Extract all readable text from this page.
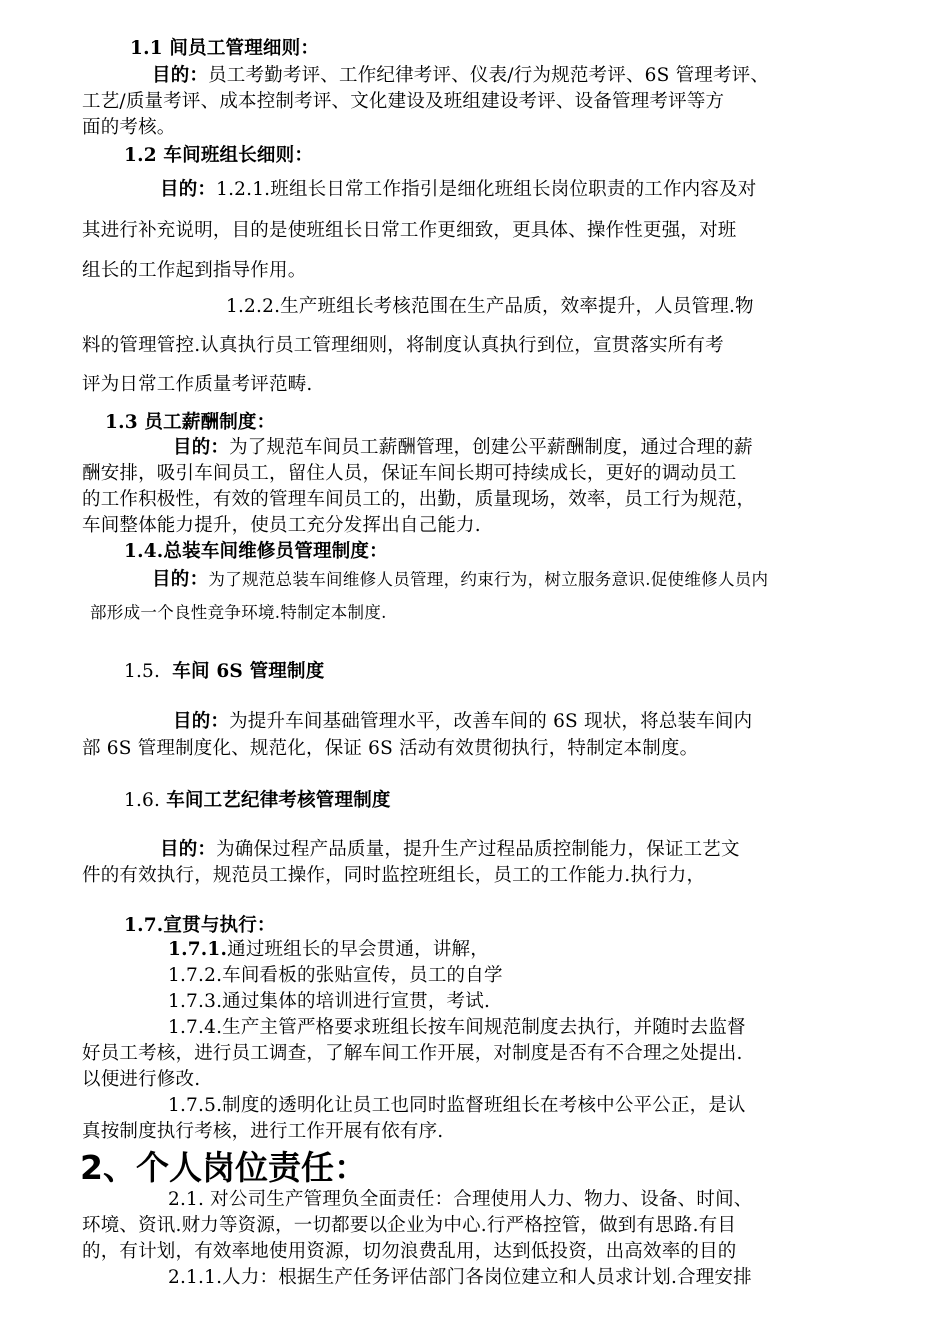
1.1 间员工管理细则：
目的：员工考勤考评、工作纪律考评、仪表/行为规范考评、6S 管理考评、
工艺/质量考评、成本控制考评、文化建设及班组建设考评、设备管理考评等方
面的考核。
1.2 车间班组长细则：
目的：1.2.1.班组长日常工作指引是细化班组长岗位职责的工作内容及对
其进行补充说明，目的是使班组长日常工作更细致，更具体、操作性更强，对班
组长的工作起到指导作用。
1.2.2.生产班组长考核范围在生产品质，效率提升，人员管理.物
料的管理管控.认真执行员工管理细则，将制度认真执行到位，宣贯落实所有考
评为日常工作质量考评范畴.
1.3 员工薪酬制度：
目的：为了规范车间员工薪酬管理，创建公平薪酬制度，通过合理的薪
酬安排，吸引车间员工，留住人员，保证车间长期可持续成长，更好的调动员工
的工作积极性，有效的管理车间员工的，出勤，质量现场，效率，员工行为规范，
车间整体能力提升，使员工充分发挥出自己能力.
1.4.总装车间维修员管理制度：
目的：为了规范总装车间维修人员管理，约束行为，树立服务意识.促使维修人员内
部形成一个良性竞争环境.特制定本制度.
1.5. 车间 6S 管理制度
目的：为提升车间基础管理水平，改善车间的 6S 现状，将总装车间内
部 6S 管理制度化、规范化，保证 6S 活动有效贯彻执行，特制定本制度。
1.6. 车间工艺纪律考核管理制度
目的：为确保过程产品质量，提升生产过程品质控制能力，保证工艺文
件的有效执行，规范员工操作，同时监控班组长，员工的工作能力.执行力，
1.7.宣贯与执行：
1.7.1.通过班组长的早会贯通，讲解，
1.7.2.车间看板的张贴宣传，员工的自学
1.7.3.通过集体的培训进行宣贯，考试.
1.7.4.生产主管严格要求班组长按车间规范制度去执行，并随时去监督
好员工考核，进行员工调查，了解车间工作开展，对制度是否有不合理之处提出.
以便进行修改.
1.7.5.制度的透明化让员工也同时监督班组长在考核中公平公正，是认
真按制度执行考核，进行工作开展有依有序.
2、个人岗位责任：
2.1. 对公司生产管理负全面责任：合理使用人力、物力、设备、时间、
环境、资讯.财力等资源，一切都要以企业为中心.行严格控管，做到有思路.有目
的，有计划，有效率地使用资源，切勿浪费乱用，达到低投资，出高效率的目的
2.1.1.人力：根据生产任务评估部门各岗位建立和人员求计划.合理安排
